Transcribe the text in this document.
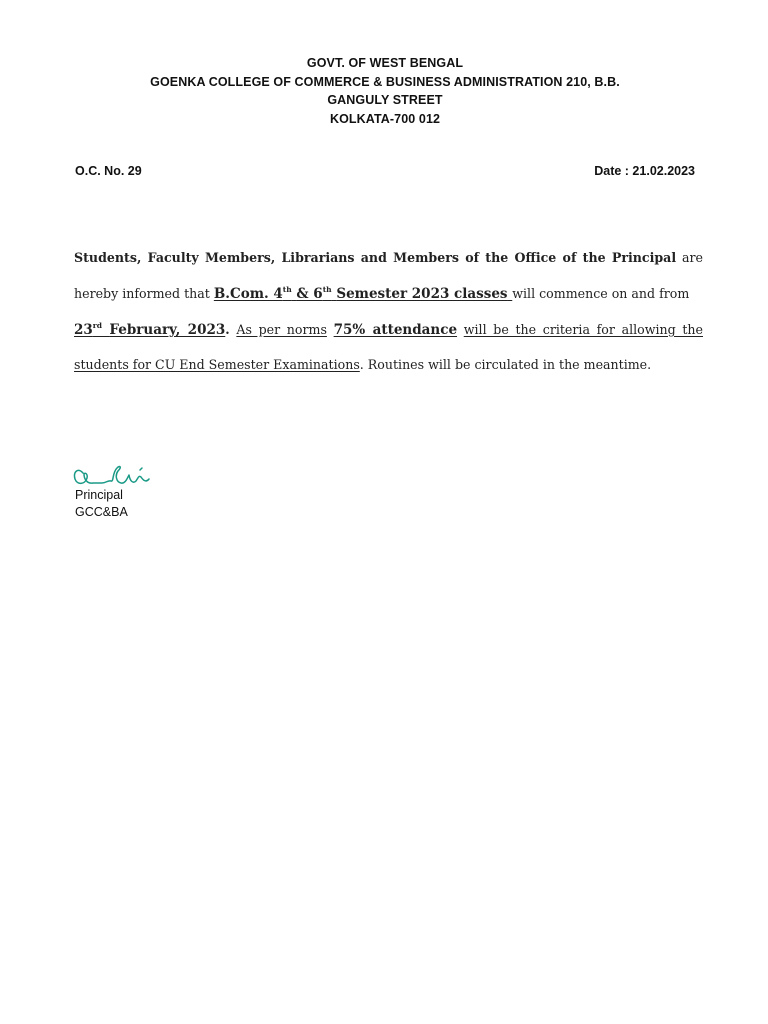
GOVT. OF WEST BENGAL
GOENKA COLLEGE OF COMMERCE & BUSINESS ADMINISTRATION 210, B.B.
GANGULY STREET
KOLKATA-700 012
O.C. No. 29	Date : 21.02.2023
Students, Faculty Members, Librarians and Members of the Office of the Principal are
hereby informed that B.Com. 4th & 6th Semester 2023 classes will commence on and from
23rd February, 2023. As per norms 75% attendance will be the criteria for allowing the
students for CU End Semester Examinations. Routines will be circulated in the meantime.
Principal
GCC&BA
